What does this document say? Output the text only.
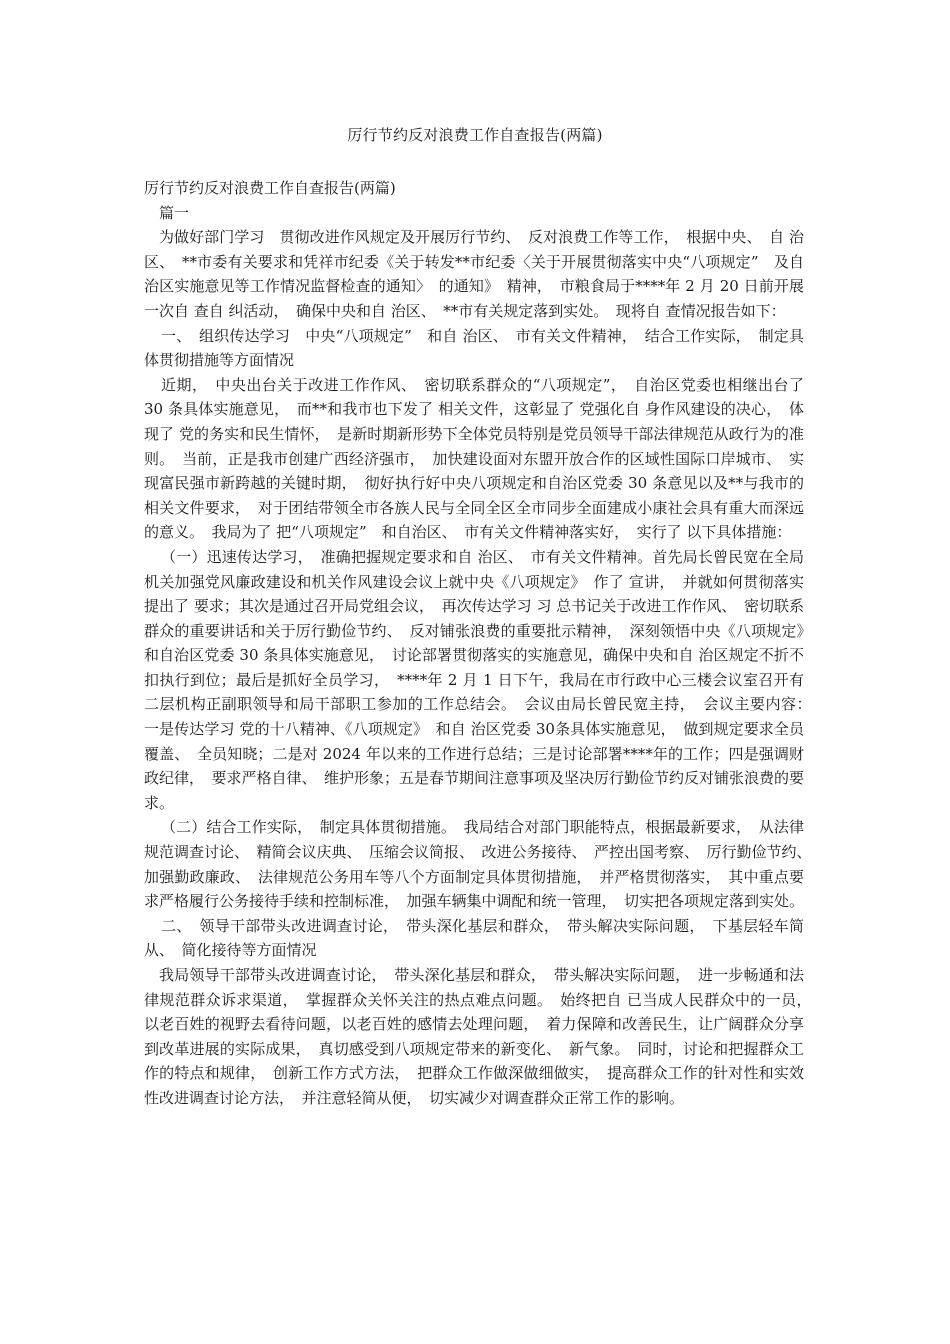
厉行节约反对浪费工作自查报告(两篇)

厉行节约反对浪费工作自查报告(两篇)

篇一

为做好部门学习　贯彻改进作风规定及开展厉行节约、　反对浪费工作等工作，　根据中央、　自 治区、　**市委有关要求和凭祥市纪委《关于转发**市纪委〈关于开展贯彻落实中央“八项规定”　及自 治区实施意见等工作情况监督检查的通知〉　的通知》　精神，　市粮食局于****年 2 月 20 日前开展一次自 查自 纠活动，　确保中央和自 治区、　**市有关规定落到实处。　现将自 查情况报告如下：

一、　组织传达学习　中央“八项规定”　和自 治区、　市有关文件精神，　结合工作实际，　制定具体贯彻措施等方面情况

近期，　中央出台关于改进工作作风、　密切联系群众的“八项规定”，　自治区党委也相继出台了 30 条具体实施意见，　而**和我市也下发了 相关文件，这彰显了 党强化自 身作风建设的决心，　体现了 党的务实和民生情怀，　是新时期新形势下全体党员特别是党员领导干部法律规范从政行为的准则。　当前，正是我市创建广西经济强市，　加快建设面对东盟开放合作的区域性国际口岸城市、　实现富民强市新跨越的关键时期，　彻好执行好中央八项规定和自治区党委 30 条意见以及**与我市的相关文件要求，　对于团结带领全市各族人民与全同全区全市同步全面建成小康社会具有重大而深远的意义。　我局为了 把“八项规定”　和自治区、　市有关文件精神落实好，　实行了 以下具体措施：

（一）迅速传达学习，　准确把握规定要求和自 治区、　市有关文件精神。首先局长曾民宽在全局机关加强党风廉政建设和机关作风建设会议上就中央《八项规定》　作了 宣讲，　并就如何贯彻落实提出了 要求；其次是通过召开局党组会议，　再次传达学习 习 总书记关于改进工作作风、　密切联系群众的重要讲话和关于厉行勤俭节约、　反对铺张浪费的重要批示精神，　深刻领悟中央《八项规定》　和自治区党委 30 条具体实施意见，　讨论部署贯彻落实的实施意见，确保中央和自 治区规定不折不扣执行到位；最后是抓好全员学习，　****年 2 月 1 日下午，我局在市行政中心三楼会议室召开有二层机构正副职领导和局干部职工参加的工作总结会。　会议由局长曾民宽主持，　会议主要内容：　一是传达学习 党的十八精神、《八项规定》　和自 治区党委 30条具体实施意见，　做到规定要求全员覆盖、　全员知晓；二是对 2024 年以来的工作进行总结；三是讨论部署****年的工作；四是强调财政纪律，　要求严格自律、　维护形象；五是春节期间注意事项及坚决厉行勤俭节约反对铺张浪费的要求。

（二）结合工作实际，　制定具体贯彻措施。　我局结合对部门职能特点，根据最新要求，　从法律规范调查讨论、　精简会议庆典、　压缩会议简报、　改进公务接待、　严控出国考察、　厉行勤俭节约、　加强勤政廉政、　法律规范公务用车等八个方面制定具体贯彻措施，　并严格贯彻落实，　其中重点要求严格履行公务接待手续和控制标准，　加强车辆集中调配和统一管理，　切实把各项规定落到实处。

二、　领导干部带头改进调查讨论，　带头深化基层和群众，　带头解决实际问题，　下基层轻车简从、　简化接待等方面情况

我局领导干部带头改进调查讨论，　带头深化基层和群众，　带头解决实际问题，　进一步畅通和法律规范群众诉求渠道，　掌握群众关怀关注的热点难点问题。　始终把自 已当成人民群众中的一员，　以老百姓的视野去看待问题，以老百姓的感情去处理问题，　着力保障和改善民生，让广阔群众分享到改革进展的实际成果，　真切感受到八项规定带来的新变化、　新气象。　同时，讨论和把握群众工作的特点和规律，　创新工作方式方法，　把群众工作做深做细做实，　提高群众工作的针对性和实效性改进调查讨论方法，　并注意轻简从便，　切实减少对调查群众正常工作的影响。
